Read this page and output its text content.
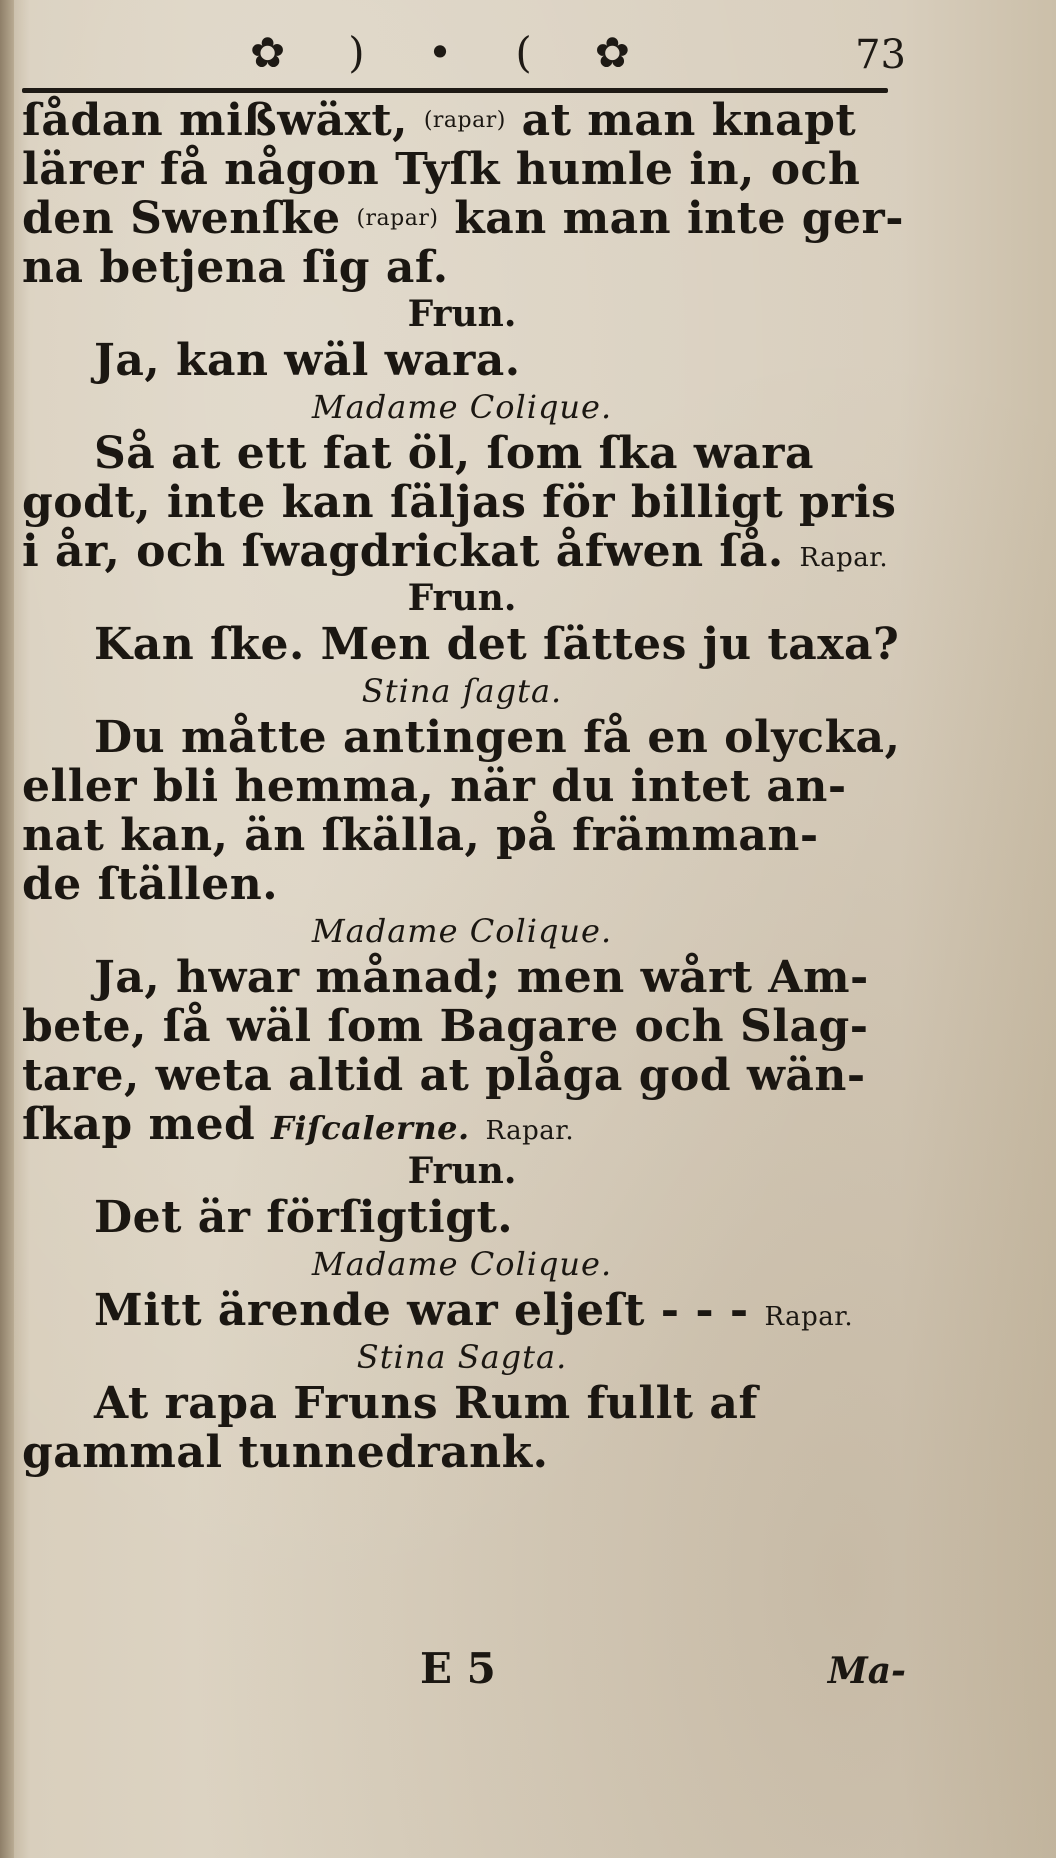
✿ ) • ( ✿	73
ſådan mißwäxt, (rapar) at man knapt
lärer få någon Tyſk humle in, och
den Swenſke (rapar) kan man inte ger-
na betjena ſig af.
Frun.
Ja, kan wäl wara.
Madame Colique.
Så at ett fat öl, ſom ſka wara
godt, inte kan ſäljas för billigt pris
i år, och ſwagdrickat åfwen ſå. Rapar.
Frun.
Kan ſke. Men det ſättes ju taxa?
Stina ſagta.
Du måtte antingen få en olycka,
eller bli hemma, när du intet an-
nat kan, än ſkälla, på främman-
de ſtällen.
Madame Colique.
Ja, hwar månad; men wårt Am-
bete, ſå wäl ſom Bagare och Slag-
tare, weta altid at plåga god wän-
ſkap med Fiſcalerne. Rapar.
Frun.
Det är förſigtigt.
Madame Colique.
Mitt ärende war eljeſt - - - Rapar.
Stina Sagta.
At rapa Fruns Rum fullt af
gammal tunnedrank.
E 5	Ma-
